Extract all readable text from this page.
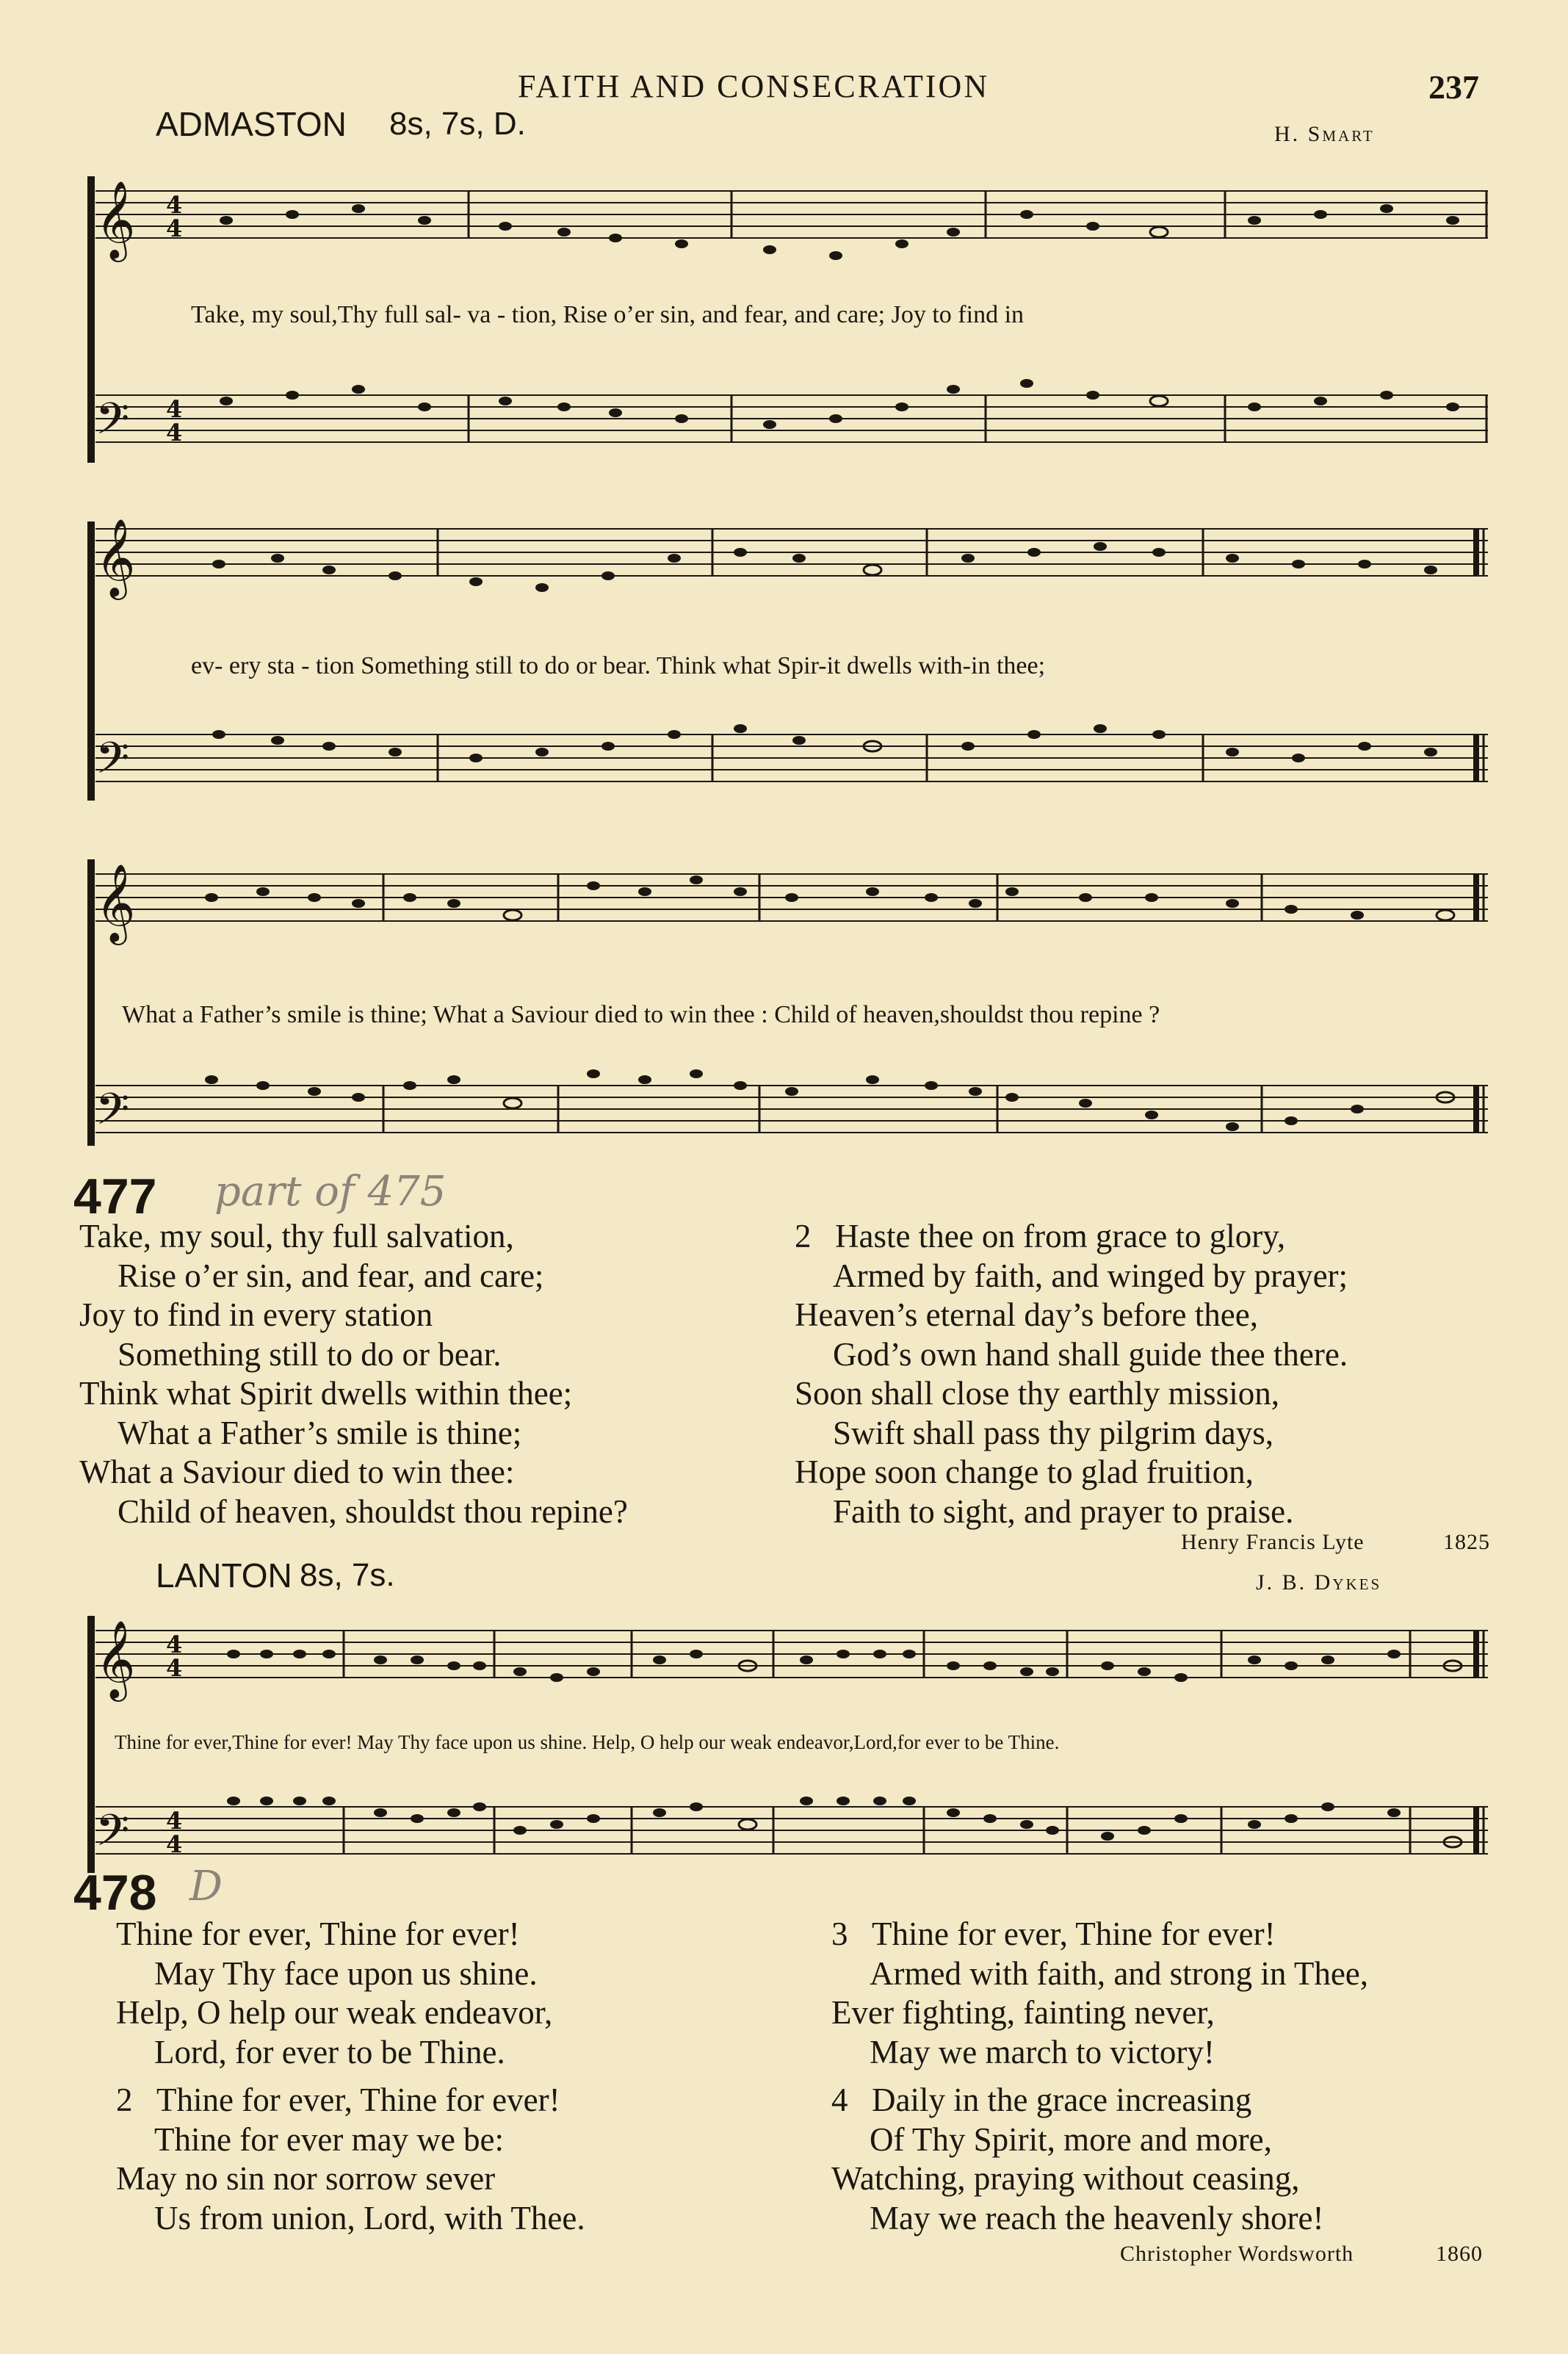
FAITH AND CONSECRATION	237
ADMASTON 8s, 7s, D.	H. Smart
𝄞
𝄢
4
4
4
4
Take, my soul,Thy full sal- va - tion, Rise o’er sin, and fear, and care; Joy to find in
𝄞
𝄢
ev- ery sta - tion Something still to do or bear. Think what Spir-it dwells with-in thee;
𝄞
𝄢
What a Father’s smile is thine; What a Saviour died to win thee : Child of heaven,shouldst thou repine ?
477 part of 475
Take, my soul, thy full salvation,
Rise o’er sin, and fear, and care;
Joy to find in every station
Something still to do or bear.
Think what Spirit dwells within thee;
What a Father’s smile is thine;
What a Saviour died to win thee:
Child of heaven, shouldst thou repine?
2 Haste thee on from grace to glory,
Armed by faith, and winged by prayer;
Heaven’s eternal day’s before thee,
God’s own hand shall guide thee there.
Soon shall close thy earthly mission,
Swift shall pass thy pilgrim days,
Hope soon change to glad fruition,
Faith to sight, and prayer to praise.
Henry Francis Lyte	1825
LANTON 8s, 7s.	J. B. Dykes
𝄞
𝄢
4
4
4
4
Thine for ever,Thine for ever! May Thy face upon us shine. Help, O help our weak endeavor,Lord,for ever to be Thine.
478 D
Thine for ever, Thine for ever!
May Thy face upon us shine.
Help, O help our weak endeavor,
Lord, for ever to be Thine.
2 Thine for ever, Thine for ever!
Thine for ever may we be:
May no sin nor sorrow sever
Us from union, Lord, with Thee.
3 Thine for ever, Thine for ever!
Armed with faith, and strong in Thee,
Ever fighting, fainting never,
May we march to victory!
4 Daily in the grace increasing
Of Thy Spirit, more and more,
Watching, praying without ceasing,
May we reach the heavenly shore!
Christopher Wordsworth	1860
